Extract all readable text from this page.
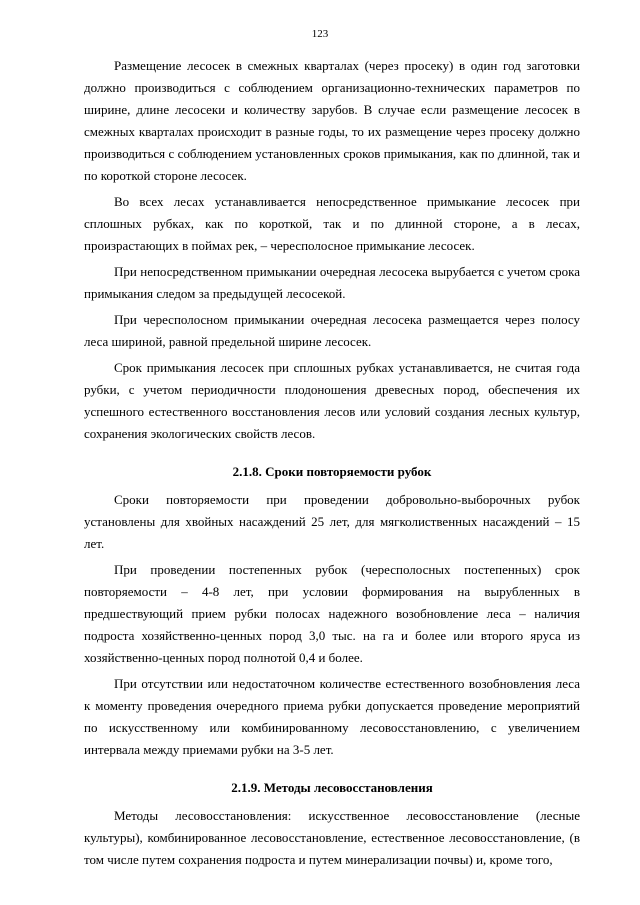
123

Размещение лесосек в смежных кварталах (через просеку) в один год заготовки должно производиться с соблюдением организационно-технических параметров по ширине, длине лесосеки и количеству зарубов. В случае если размещение лесосек в смежных кварталах происходит в разные годы, то их размещение через просеку должно производиться с соблюдением установленных сроков примыкания, как по длинной, так и по короткой стороне лесосек.

Во всех лесах устанавливается непосредственное примыкание лесосек при сплошных рубках, как по короткой, так и по длинной стороне, а в лесах, произрастающих в поймах рек, – чересполосное примыкание лесосек.

При непосредственном примыкании очередная лесосека вырубается с учетом срока примыкания следом за предыдущей лесосекой.

При чересполосном примыкании очередная лесосека размещается через полосу леса шириной, равной предельной ширине лесосек.

Срок примыкания лесосек при сплошных рубках устанавливается, не считая года рубки, с учетом периодичности плодоношения древесных пород, обеспечения их успешного естественного восстановления лесов или условий создания лесных культур, сохранения экологических свойств лесов.

2.1.8. Сроки повторяемости рубок

Сроки повторяемости при проведении добровольно-выборочных рубок установлены для хвойных насаждений 25 лет, для мягколиственных насаждений – 15 лет.

При проведении постепенных рубок (чересполосных постепенных) срок повторяемости – 4-8 лет, при условии формирования на вырубленных в предшествующий прием рубки полосах надежного возобновление леса – наличия подроста хозяйственно-ценных пород 3,0 тыс. на га и более или второго яруса из хозяйственно-ценных пород полнотой 0,4 и более.

При отсутствии или недостаточном количестве естественного возобновления леса к моменту проведения очередного приема рубки допускается проведение мероприятий по искусственному или комбинированному лесовосстановлению, с увеличением интервала между приемами рубки на 3-5 лет.

2.1.9. Методы лесовосстановления

Методы лесовосстановления: искусственное лесовосстановление (лесные культуры), комбинированное лесовосстановление, естественное лесовосстановление, (в том числе путем сохранения подроста и путем минерализации почвы) и, кроме того,
